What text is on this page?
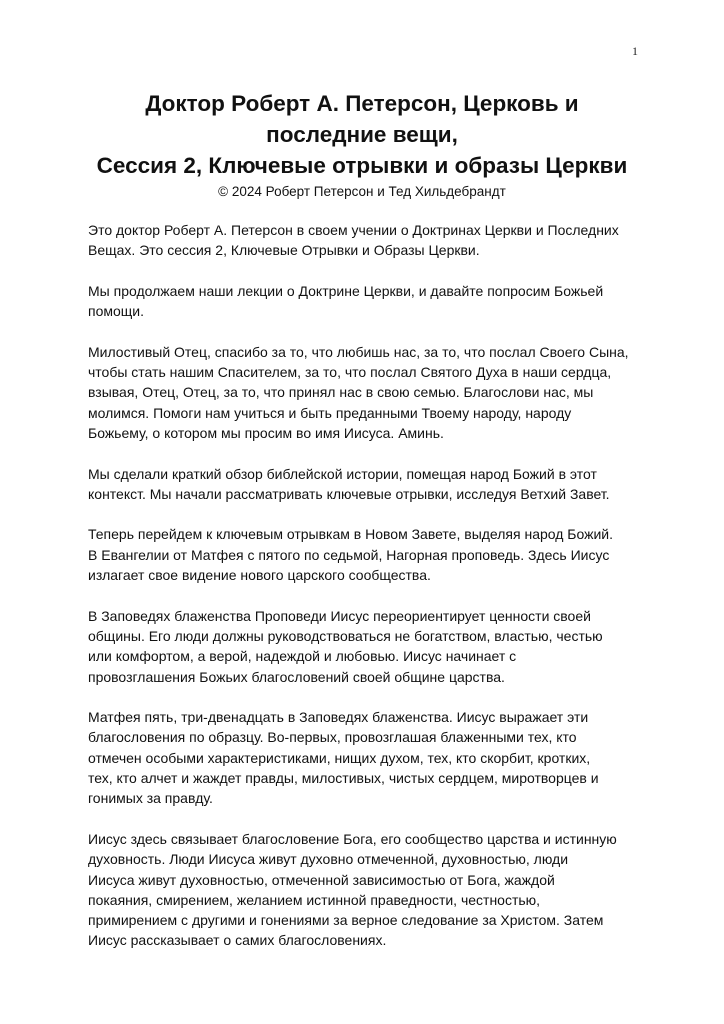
1
Доктор Роберт А. Петерсон, Церковь и
последние вещи,
Сессия 2, Ключевые отрывки и образы Церкви
© 2024 Роберт Петерсон и Тед Хильдебрандт

Это доктор Роберт А. Петерсон в своем учении о Доктринах Церкви и Последних
Вещах. Это сессия 2, Ключевые Отрывки и Образы Церкви.

Мы продолжаем наши лекции о Доктрине Церкви, и давайте попросим Божьей
помощи.

Милостивый Отец, спасибо за то, что любишь нас, за то, что послал Своего Сына,
чтобы стать нашим Спасителем, за то, что послал Святого Духа в наши сердца,
взывая, Отец, Отец, за то, что принял нас в свою семью. Благослови нас, мы
молимся. Помоги нам учиться и быть преданными Твоему народу, народу
Божьему, о котором мы просим во имя Иисуса. Аминь.

Мы сделали краткий обзор библейской истории, помещая народ Божий в этот
контекст. Мы начали рассматривать ключевые отрывки, исследуя Ветхий Завет.

Теперь перейдем к ключевым отрывкам в Новом Завете, выделяя народ Божий.
В Евангелии от Матфея с пятого по седьмой, Нагорная проповедь. Здесь Иисус
излагает свое видение нового царского сообщества.

В Заповедях блаженства Проповеди Иисус переориентирует ценности своей
общины. Его люди должны руководствоваться не богатством, властью, честью
или комфортом, а верой, надеждой и любовью. Иисус начинает с
провозглашения Божьих благословений своей общине царства.

Матфея пять, три-двенадцать в Заповедях блаженства. Иисус выражает эти
благословения по образцу. Во-первых, провозглашая блаженными тех, кто
отмечен особыми характеристиками, нищих духом, тех, кто скорбит, кротких,
тех, кто алчет и жаждет правды, милостивых, чистых сердцем, миротворцев и
гонимых за правду.

Иисус здесь связывает благословение Бога, его сообщество царства и истинную
духовность. Люди Иисуса живут духовно отмеченной, духовностью, люди
Иисуса живут духовностью, отмеченной зависимостью от Бога, жаждой
покаяния, смирением, желанием истинной праведности, честностью,
примирением с другими и гонениями за верное следование за Христом. Затем
Иисус рассказывает о самих благословениях.
